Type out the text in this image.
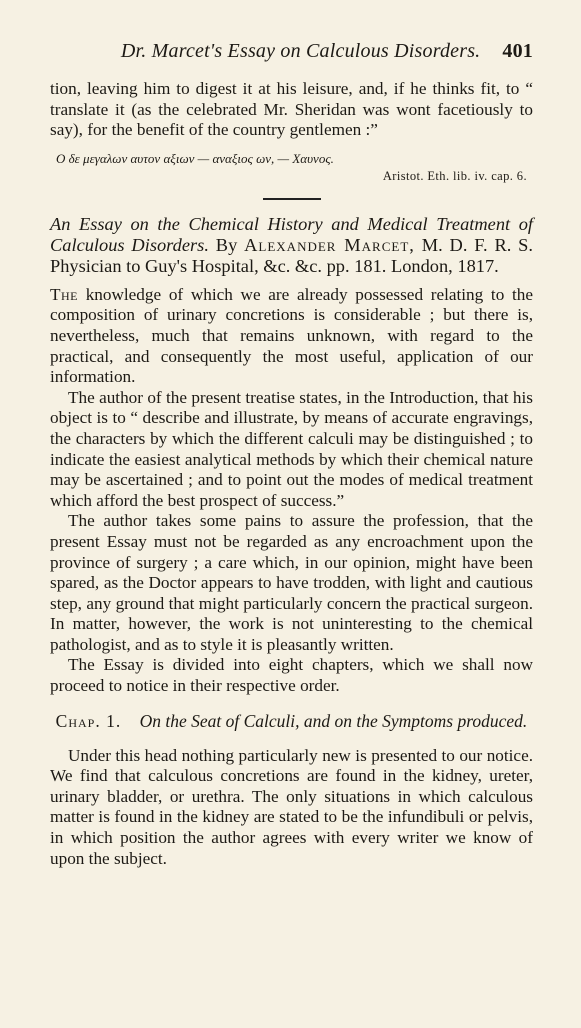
Dr. Marcet's Essay on Calculous Disorders. 401

tion, leaving him to digest it at his leisure, and, if he thinks fit, to “ translate it (as the celebrated Mr. Sheridan was wont facetiously to say), for the benefit of the country gentlemen :”

Ο δε μεγαλων αυτον αξιων — αναξιος ων, — Χαυνος.
Aristot. Eth. lib. iv. cap. 6.

An Essay on the Chemical History and Medical Treatment of Calculous Disorders. By Alexander Marcet, M. D. F. R. S. Physician to Guy's Hospital, &c. &c. pp. 181. London, 1817.

The knowledge of which we are already possessed relating to the composition of urinary concretions is considerable ; but there is, nevertheless, much that remains unknown, with regard to the practical, and consequently the most useful, application of our information.

The author of the present treatise states, in the Introduction, that his object is to “ describe and illustrate, by means of accurate engravings, the characters by which the different calculi may be distinguished ; to indicate the easiest analytical methods by which their chemical nature may be ascertained ; and to point out the modes of medical treatment which afford the best prospect of success.”

The author takes some pains to assure the profession, that the present Essay must not be regarded as any encroachment upon the province of surgery ; a care which, in our opinion, might have been spared, as the Doctor appears to have trodden, with light and cautious step, any ground that might particularly concern the practical surgeon. In matter, however, the work is not uninteresting to the chemical pathologist, and as to style it is pleasantly written.

The Essay is divided into eight chapters, which we shall now proceed to notice in their respective order.

Chap. 1. On the Seat of Calculi, and on the Symptoms produced.

Under this head nothing particularly new is presented to our notice. We find that calculous concretions are found in the kidney, ureter, urinary bladder, or urethra. The only situations in which calculous matter is found in the kidney are stated to be the infundibuli or pelvis, in which position the author agrees with every writer we know of upon the subject.
